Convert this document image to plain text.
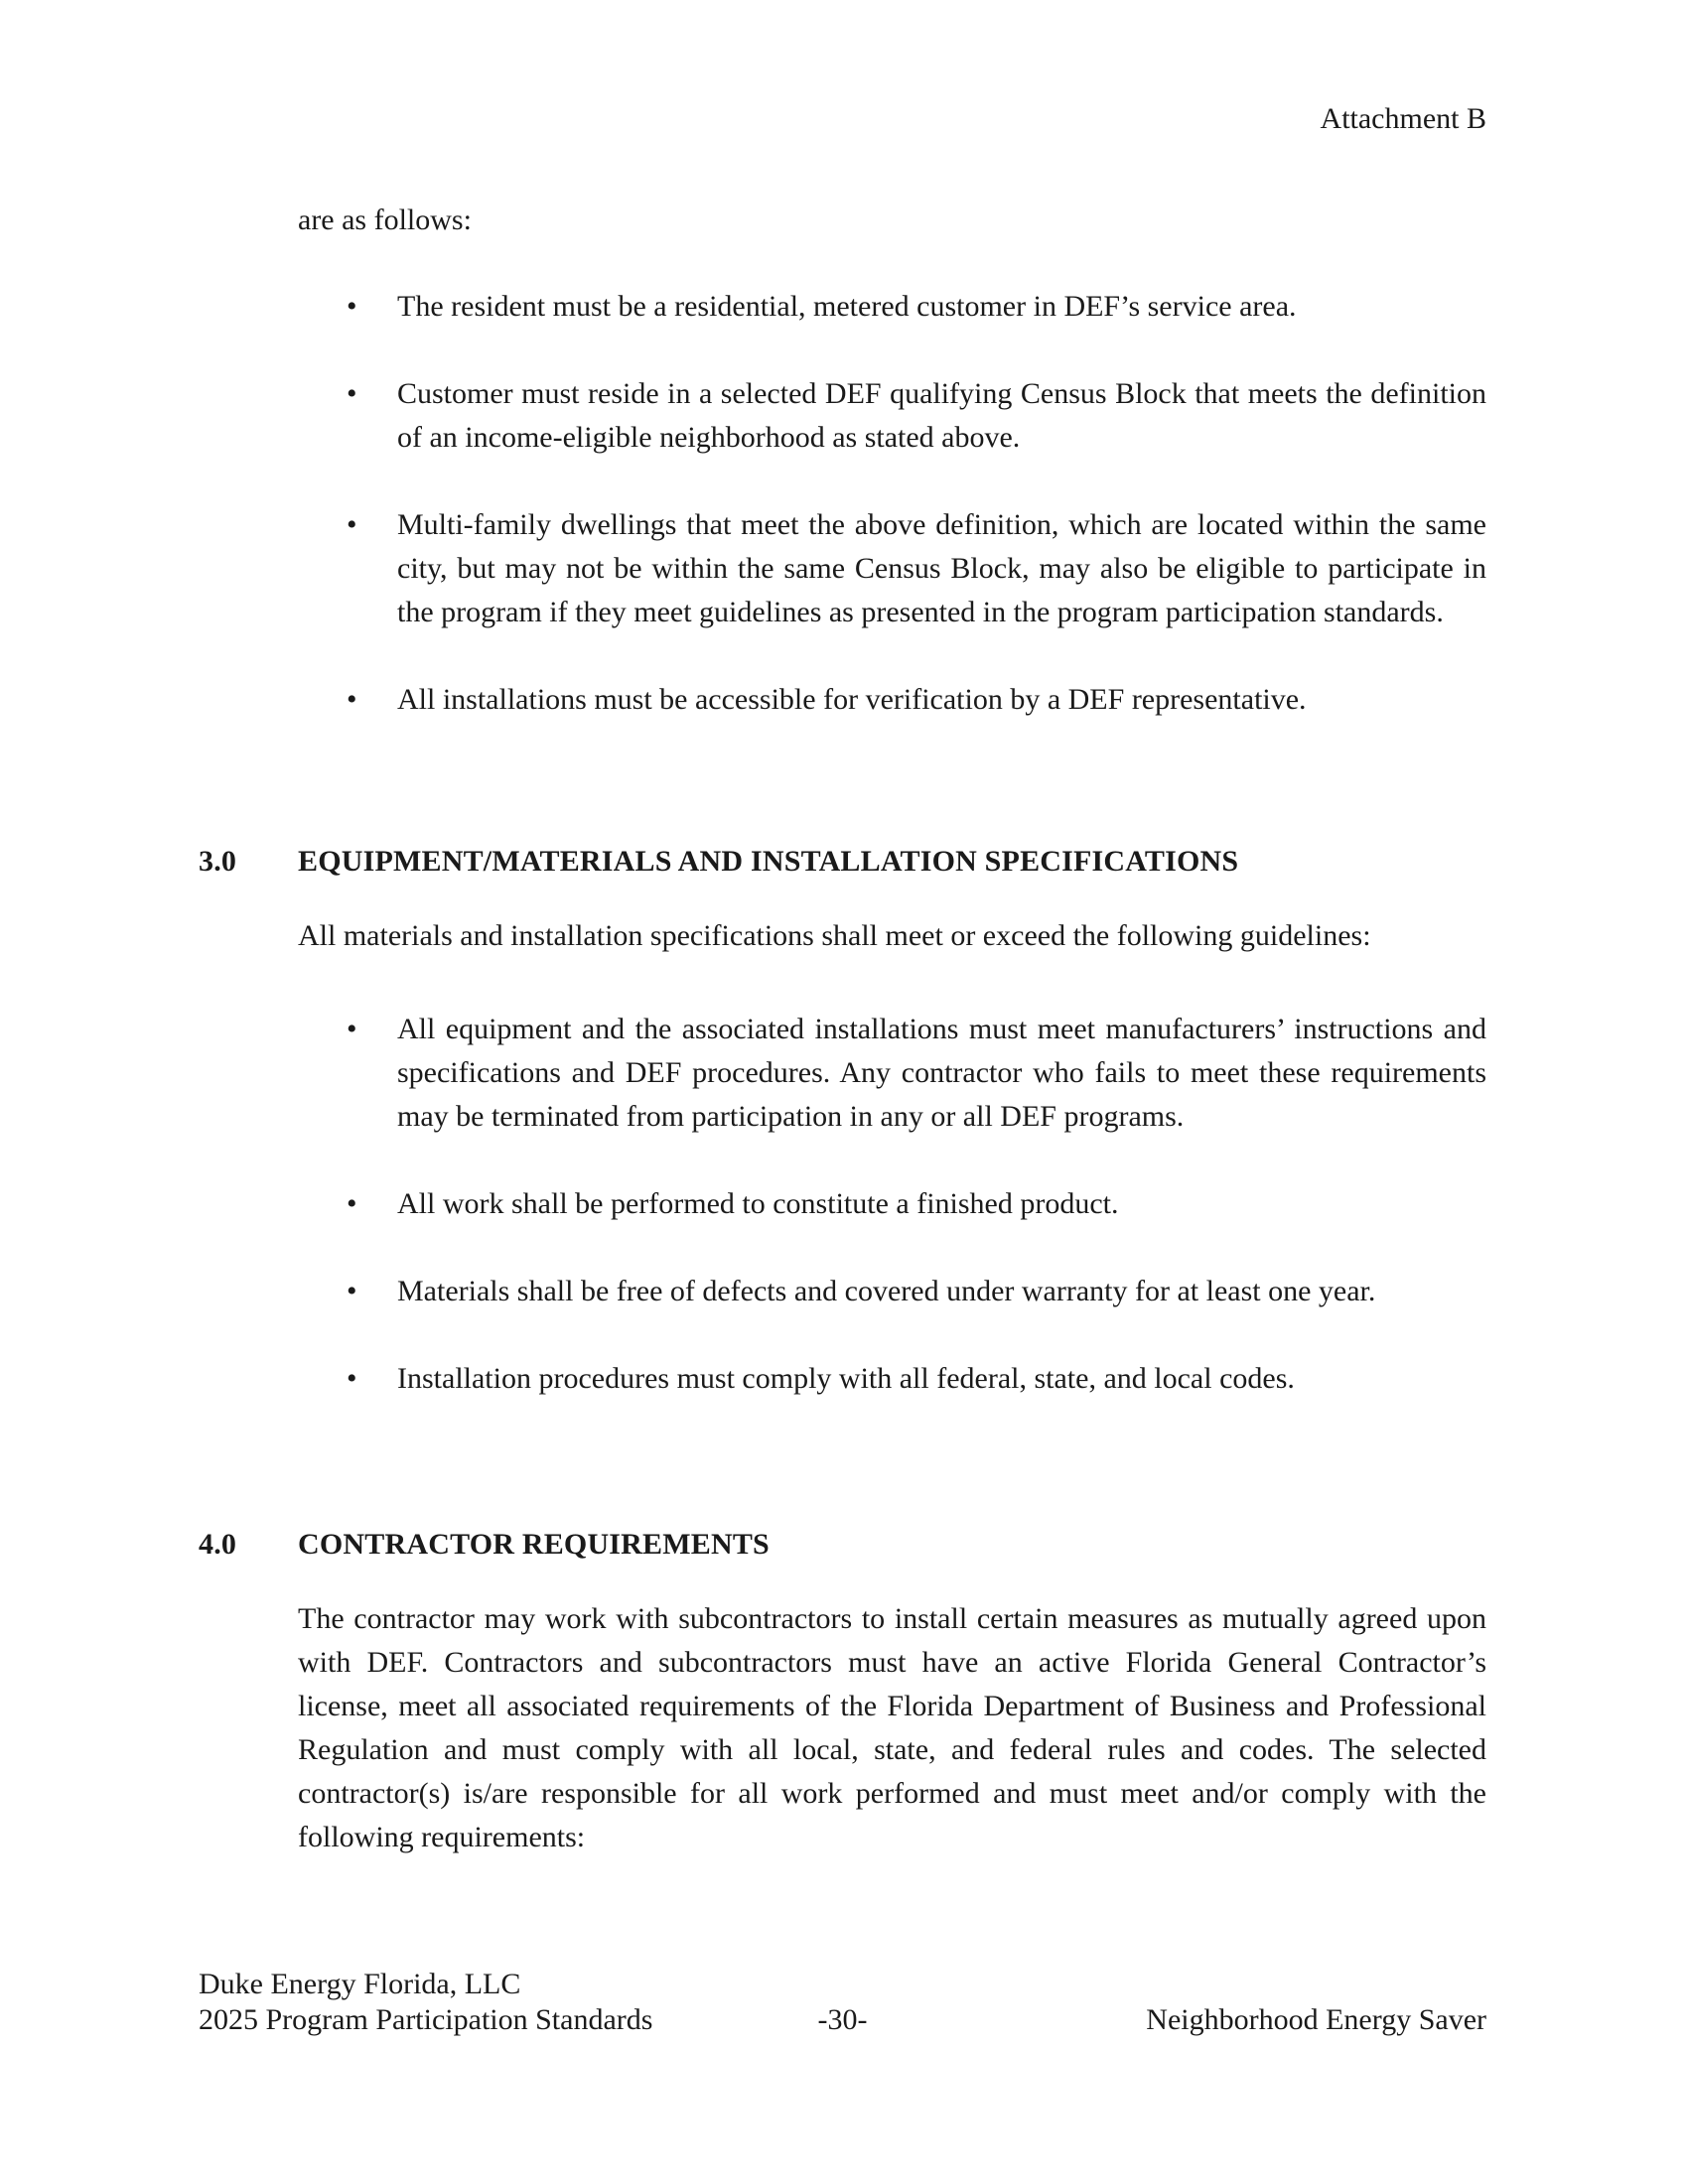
Attachment B
are as follows:
• The resident must be a residential, metered customer in DEF’s service area.
• Customer must reside in a selected DEF qualifying Census Block that meets the definition of an income-eligible neighborhood as stated above.
• Multi-family dwellings that meet the above definition, which are located within the same city, but may not be within the same Census Block, may also be eligible to participate in the program if they meet guidelines as presented in the program participation standards.
• All installations must be accessible for verification by a DEF representative.
3.0 EQUIPMENT/MATERIALS AND INSTALLATION SPECIFICATIONS
All materials and installation specifications shall meet or exceed the following guidelines:
• All equipment and the associated installations must meet manufacturers’ instructions and specifications and DEF procedures. Any contractor who fails to meet these requirements may be terminated from participation in any or all DEF programs.
• All work shall be performed to constitute a finished product.
• Materials shall be free of defects and covered under warranty for at least one year.
• Installation procedures must comply with all federal, state, and local codes.
4.0 CONTRACTOR REQUIREMENTS
The contractor may work with subcontractors to install certain measures as mutually agreed upon with DEF. Contractors and subcontractors must have an active Florida General Contractor’s license, meet all associated requirements of the Florida Department of Business and Professional Regulation and must comply with all local, state, and federal rules and codes. The selected contractor(s) is/are responsible for all work performed and must meet and/or comply with the following requirements:
Duke Energy Florida, LLC
2025 Program Participation Standards	-30-	Neighborhood Energy Saver
